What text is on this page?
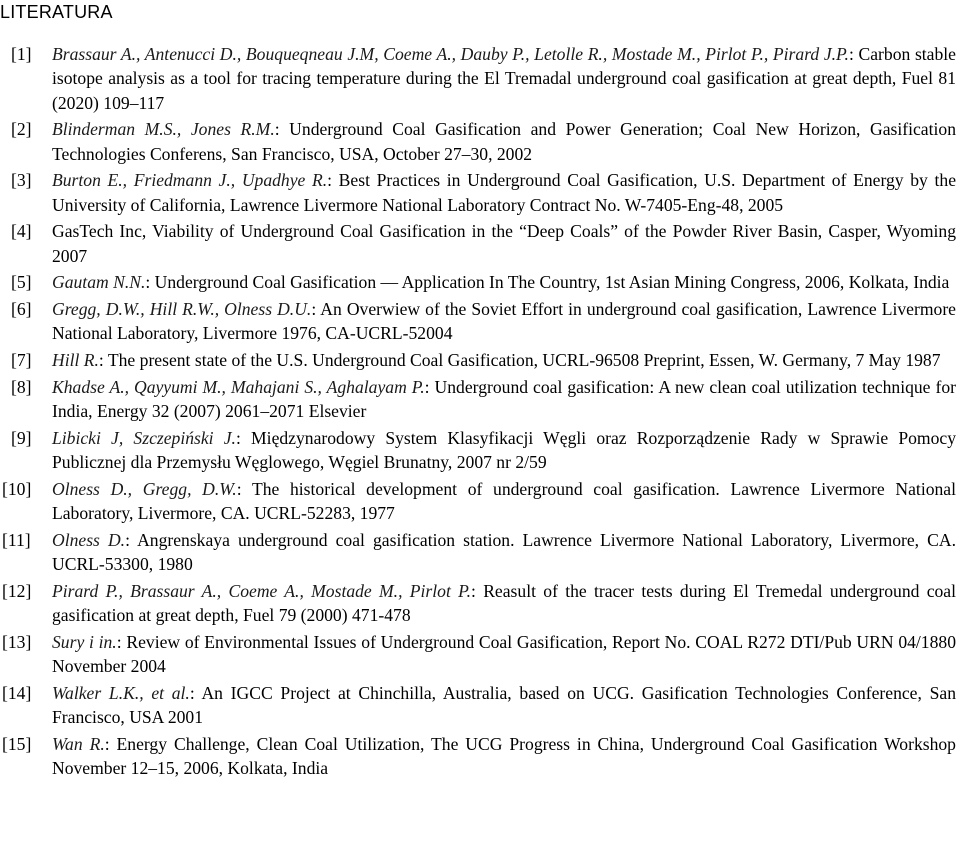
LITERATURA
[1] Brassaur A., Antenucci D., Bouqueqneau J.M, Coeme A., Dauby P., Letolle R., Mostade M., Pirlot P., Pirard J.P.: Carbon stable isotope analysis as a tool for tracing temperature during the El Tremadal underground coal gasification at great depth, Fuel 81 (2020) 109–117
[2] Blinderman M.S., Jones R.M.: Underground Coal Gasification and Power Generation; Coal New Horizon, Gasification Technologies Conferens, San Francisco, USA, October 27–30, 2002
[3] Burton E., Friedmann J., Upadhye R.: Best Practices in Underground Coal Gasification, U.S. Department of Energy by the University of California, Lawrence Livermore National Laboratory Contract No. W-7405-Eng-48, 2005
[4] GasTech Inc, Viability of Underground Coal Gasification in the “Deep Coals” of the Powder River Basin, Casper, Wyoming 2007
[5] Gautam N.N.: Underground Coal Gasification — Application In The Country, 1st Asian Mining Congress, 2006, Kolkata, India
[6] Gregg, D.W., Hill R.W., Olness D.U.: An Overwiew of the Soviet Effort in underground coal gasification, Lawrence Livermore National Laboratory, Livermore 1976, CA-UCRL-52004
[7] Hill R.: The present state of the U.S. Underground Coal Gasification, UCRL-96508 Preprint, Essen, W. Germany, 7 May 1987
[8] Khadse A., Qayyumi M., Mahajani S., Aghalayam P.: Underground coal gasification: A new clean coal utilization technique for India, Energy 32 (2007) 2061–2071 Elsevier
[9] Libicki J, Szczepiński J.: Międzynarodowy System Klasyfikacji Węgli oraz Rozporządzenie Rady w Sprawie Pomocy Publicznej dla Przemysłu Węglowego, Węgiel Brunatny, 2007 nr 2/59
[10] Olness D., Gregg, D.W.: The historical development of underground coal gasification. Lawrence Livermore National Laboratory, Livermore, CA. UCRL-52283, 1977
[11] Olness D.: Angrenskaya underground coal gasification station. Lawrence Livermore National Laboratory, Livermore, CA. UCRL-53300, 1980
[12] Pirard P., Brassaur A., Coeme A., Mostade M., Pirlot P.: Reasult of the tracer tests during El Tremedal underground coal gasification at great depth, Fuel 79 (2000) 471-478
[13] Sury i in.: Review of Environmental Issues of Underground Coal Gasification, Report No. COAL R272 DTI/Pub URN 04/1880 November 2004
[14] Walker L.K., et al.: An IGCC Project at Chinchilla, Australia, based on UCG. Gasification Technologies Conference, San Francisco, USA 2001
[15] Wan R.: Energy Challenge, Clean Coal Utilization, The UCG Progress in China, Underground Coal Gasification Workshop November 12–15, 2006, Kolkata, India
